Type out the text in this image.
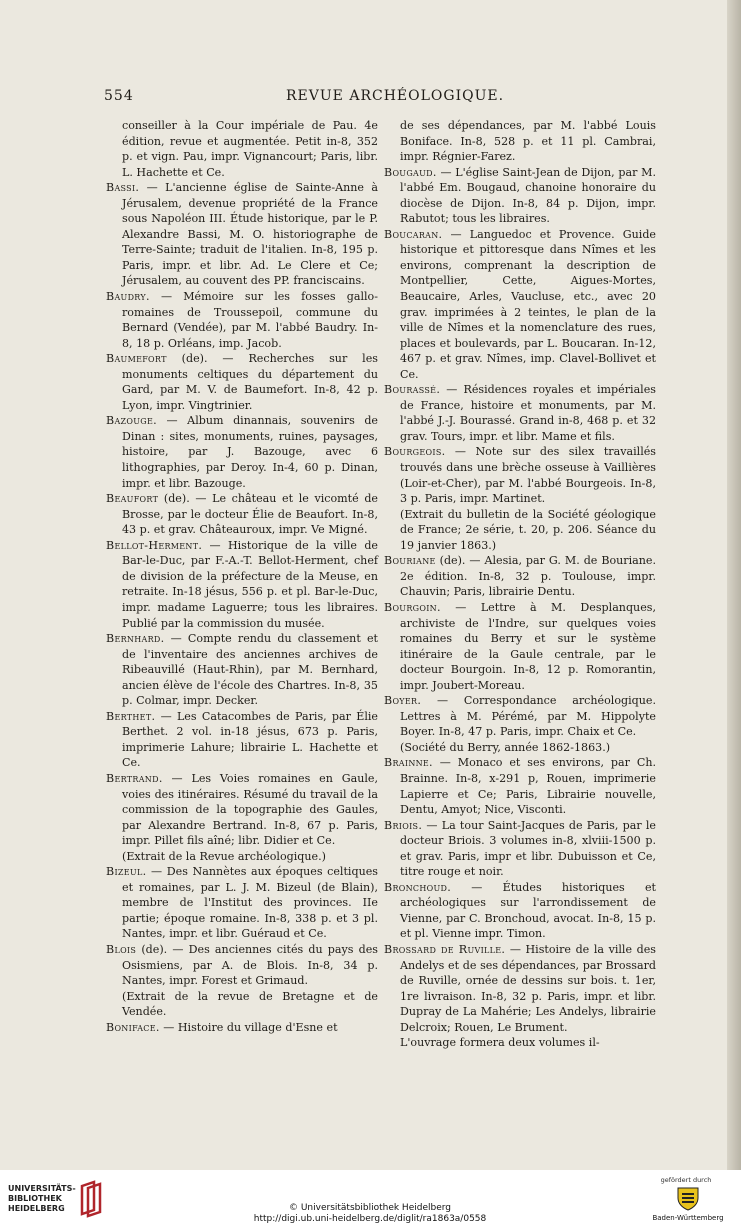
554	REVUE ARCHÉOLOGIQUE.

conseiller à la Cour impériale de Pau. 4e édition, revue et augmentée. Petit in-8, 352 p. et vign. Pau, impr. Vignancourt; Paris, libr. L. Hachette et Ce.

Bassi. — L'ancienne église de Sainte-Anne à Jérusalem, devenue propriété de la France sous Napoléon III. Étude historique, par le P. Alexandre Bassi, M. O. historiographe de Terre-Sainte; traduit de l'italien. In-8, 195 p. Paris, impr. et libr. Ad. Le Clere et Ce; Jérusalem, au couvent des PP. franciscains.

Baudry. — Mémoire sur les fosses gallo-romaines de Troussepoil, commune du Bernard (Vendée), par M. l'abbé Baudry. In-8, 18 p. Orléans, imp. Jacob.

Baumefort (de). — Recherches sur les monuments celtiques du département du Gard, par M. V. de Baumefort. In-8, 42 p. Lyon, impr. Vingtrinier.

Bazouge. — Album dinannais, souvenirs de Dinan : sites, monuments, ruines, paysages, histoire, par J. Bazouge, avec 6 lithographies, par Deroy. In-4, 60 p. Dinan, impr. et libr. Bazouge.

Beaufort (de). — Le château et le vicomté de Brosse, par le docteur Élie de Beaufort. In-8, 43 p. et grav. Châteauroux, impr. Ve Migné.

Bellot-Herment. — Historique de la ville de Bar-le-Duc, par F.-A.-T. Bellot-Herment, chef de division de la préfecture de la Meuse, en retraite. In-18 jésus, 556 p. et pl. Bar-le-Duc, impr. madame Laguerre; tous les libraires. Publié par la commission du musée.

Bernhard. — Compte rendu du classement et de l'inventaire des anciennes archives de Ribeauvillé (Haut-Rhin), par M. Bernhard, ancien élève de l'école des Chartres. In-8, 35 p. Colmar, impr. Decker.

Berthet. — Les Catacombes de Paris, par Élie Berthet. 2 vol. in-18 jésus, 673 p. Paris, imprimerie Lahure; librairie L. Hachette et Ce.

Bertrand. — Les Voies romaines en Gaule, voies des itinéraires. Résumé du travail de la commission de la topographie des Gaules, par Alexandre Bertrand. In-8, 67 p. Paris, impr. Pillet fils aîné; libr. Didier et Ce.

(Extrait de la Revue archéologique.)

Bizeul. — Des Nannètes aux époques celtiques et romaines, par L. J. M. Bizeul (de Blain), membre de l'Institut des provinces. IIe partie; époque romaine. In-8, 338 p. et 3 pl. Nantes, impr. et libr. Guéraud et Ce.

Blois (de). — Des anciennes cités du pays des Osismiens, par A. de Blois. In-8, 34 p. Nantes, impr. Forest et Grimaud.

(Extrait de la revue de Bretagne et de Vendée.

Boniface. — Histoire du village d'Esne et

de ses dépendances, par M. l'abbé Louis Boniface. In-8, 528 p. et 11 pl. Cambrai, impr. Régnier-Farez.

Bougaud. — L'église Saint-Jean de Dijon, par M. l'abbé Em. Bougaud, chanoine honoraire du diocèse de Dijon. In-8, 84 p. Dijon, impr. Rabutot; tous les libraires.

Boucaran. — Languedoc et Provence. Guide historique et pittoresque dans Nîmes et les environs, comprenant la description de Montpellier, Cette, Aigues-Mortes, Beaucaire, Arles, Vaucluse, etc., avec 20 grav. imprimées à 2 teintes, le plan de la ville de Nîmes et la nomenclature des rues, places et boulevards, par L. Boucaran. In-12, 467 p. et grav. Nîmes, imp. Clavel-Bollivet et Ce.

Bourassé. — Résidences royales et impériales de France, histoire et monuments, par M. l'abbé J.-J. Bourassé. Grand in-8, 468 p. et 32 grav. Tours, impr. et libr. Mame et fils.

Bourgeois. — Note sur des silex travaillés trouvés dans une brèche osseuse à Vaillières (Loir-et-Cher), par M. l'abbé Bourgeois. In-8, 3 p. Paris, impr. Martinet.

(Extrait du bulletin de la Société géologique de France; 2e série, t. 20, p. 206. Séance du 19 janvier 1863.)

Bouriane (de). — Alesia, par G. M. de Bouriane. 2e édition. In-8, 32 p. Toulouse, impr. Chauvin; Paris, librairie Dentu.

Bourgoin. — Lettre à M. Desplanques, archiviste de l'Indre, sur quelques voies romaines du Berry et sur le système itinéraire de la Gaule centrale, par le docteur Bourgoin. In-8, 12 p. Romorantin, impr. Joubert-Moreau.

Boyer. — Correspondance archéologique. Lettres à M. Pérémé, par M. Hippolyte Boyer. In-8, 47 p. Paris, impr. Chaix et Ce.

(Société du Berry, année 1862-1863.)

Brainne. — Monaco et ses environs, par Ch. Brainne. In-8, x-291 p, Rouen, imprimerie Lapierre et Ce; Paris, Librairie nouvelle, Dentu, Amyot; Nice, Visconti.

Briois. — La tour Saint-Jacques de Paris, par le docteur Briois. 3 volumes in-8, xlviii-1500 p. et grav. Paris, impr et libr. Dubuisson et Ce, titre rouge et noir.

Bronchoud. — Études historiques et archéologiques sur l'arrondissement de Vienne, par C. Bronchoud, avocat. In-8, 15 p. et pl. Vienne impr. Timon.

Brossard de Ruville. — Histoire de la ville des Andelys et de ses dépendances, par Brossard de Ruville, ornée de dessins sur bois. t. 1er, 1re livraison. In-8, 32 p. Paris, impr. et libr. Dupray de La Mahérie; Les Andelys, librairie Delcroix; Rouen, Le Brument.

L'ouvrage formera deux volumes il-

UNIVERSITÄTS-
BIBLIOTHEK
HEIDELBERG	© Universitätsbibliothek Heidelberg
http://digi.ub.uni-heidelberg.de/diglit/ra1863a/0558
gefördert durch
Baden-Württemberg
